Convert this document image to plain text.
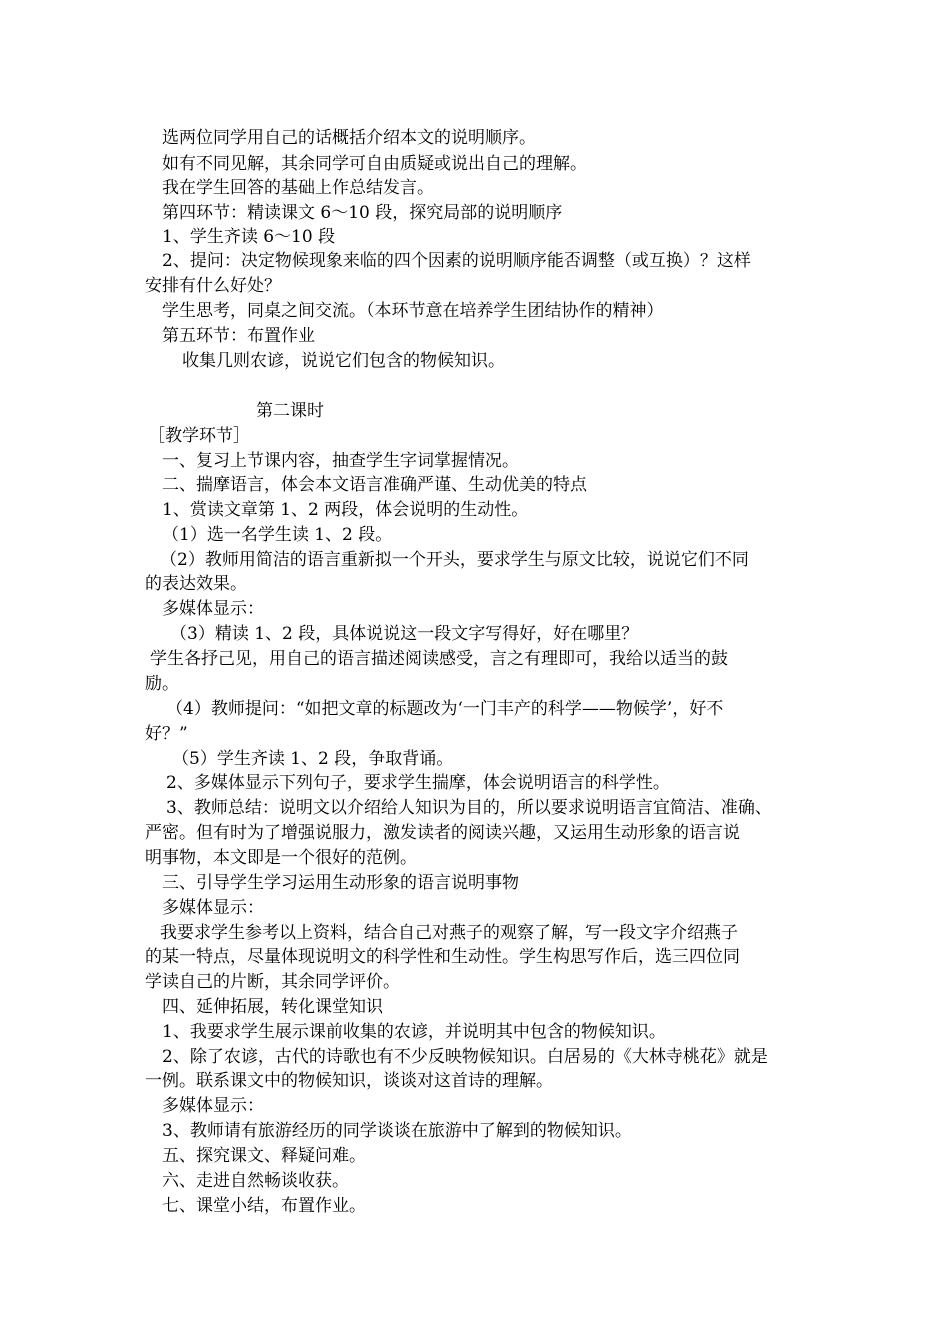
选两位同学用自己的话概括介绍本文的说明顺序。
如有不同见解，其余同学可自由质疑或说出自己的理解。
我在学生回答的基础上作总结发言。
第四环节：精读课文 6～10 段，探究局部的说明顺序
1、学生齐读 6～10 段
2、提问：决定物候现象来临的四个因素的说明顺序能否调整（或互换）？这样
安排有什么好处？
学生思考，同桌之间交流。（本环节意在培养学生团结协作的精神）
第五环节：布置作业
收集几则农谚，说说它们包含的物候知识。
第二课时
［教学环节］
一、复习上节课内容，抽查学生字词掌握情况。
二、揣摩语言，体会本文语言准确严谨、生动优美的特点
1、赏读文章第 1、2 两段，体会说明的生动性。
（1）选一名学生读 1、2 段。
（2）教师用简洁的语言重新拟一个开头，要求学生与原文比较，说说它们不同
的表达效果。
多媒体显示：
（3）精读 1、2 段，具体说说这一段文字写得好，好在哪里？
学生各抒己见，用自己的语言描述阅读感受，言之有理即可，我给以适当的鼓
励。
（4）教师提问：“如把文章的标题改为‘一门丰产的科学——物候学’，好不
好？”
（5）学生齐读 1、2 段，争取背诵。
2、多媒体显示下列句子，要求学生揣摩，体会说明语言的科学性。
3、教师总结：说明文以介绍给人知识为目的，所以要求说明语言宜简洁、准确、
严密。但有时为了增强说服力，激发读者的阅读兴趣，又运用生动形象的语言说
明事物，本文即是一个很好的范例。
三、引导学生学习运用生动形象的语言说明事物
多媒体显示：
我要求学生参考以上资料，结合自己对燕子的观察了解，写一段文字介绍燕子
的某一特点，尽量体现说明文的科学性和生动性。学生构思写作后，选三四位同
学读自己的片断，其余同学评价。
四、延伸拓展，转化课堂知识
1、我要求学生展示课前收集的农谚，并说明其中包含的物候知识。
2、除了农谚，古代的诗歌也有不少反映物候知识。白居易的《大林寺桃花》就是
一例。联系课文中的物候知识，谈谈对这首诗的理解。
多媒体显示：
3、教师请有旅游经历的同学谈谈在旅游中了解到的物候知识。
五、探究课文、释疑问难。
六、走进自然畅谈收获。
七、课堂小结，布置作业。
